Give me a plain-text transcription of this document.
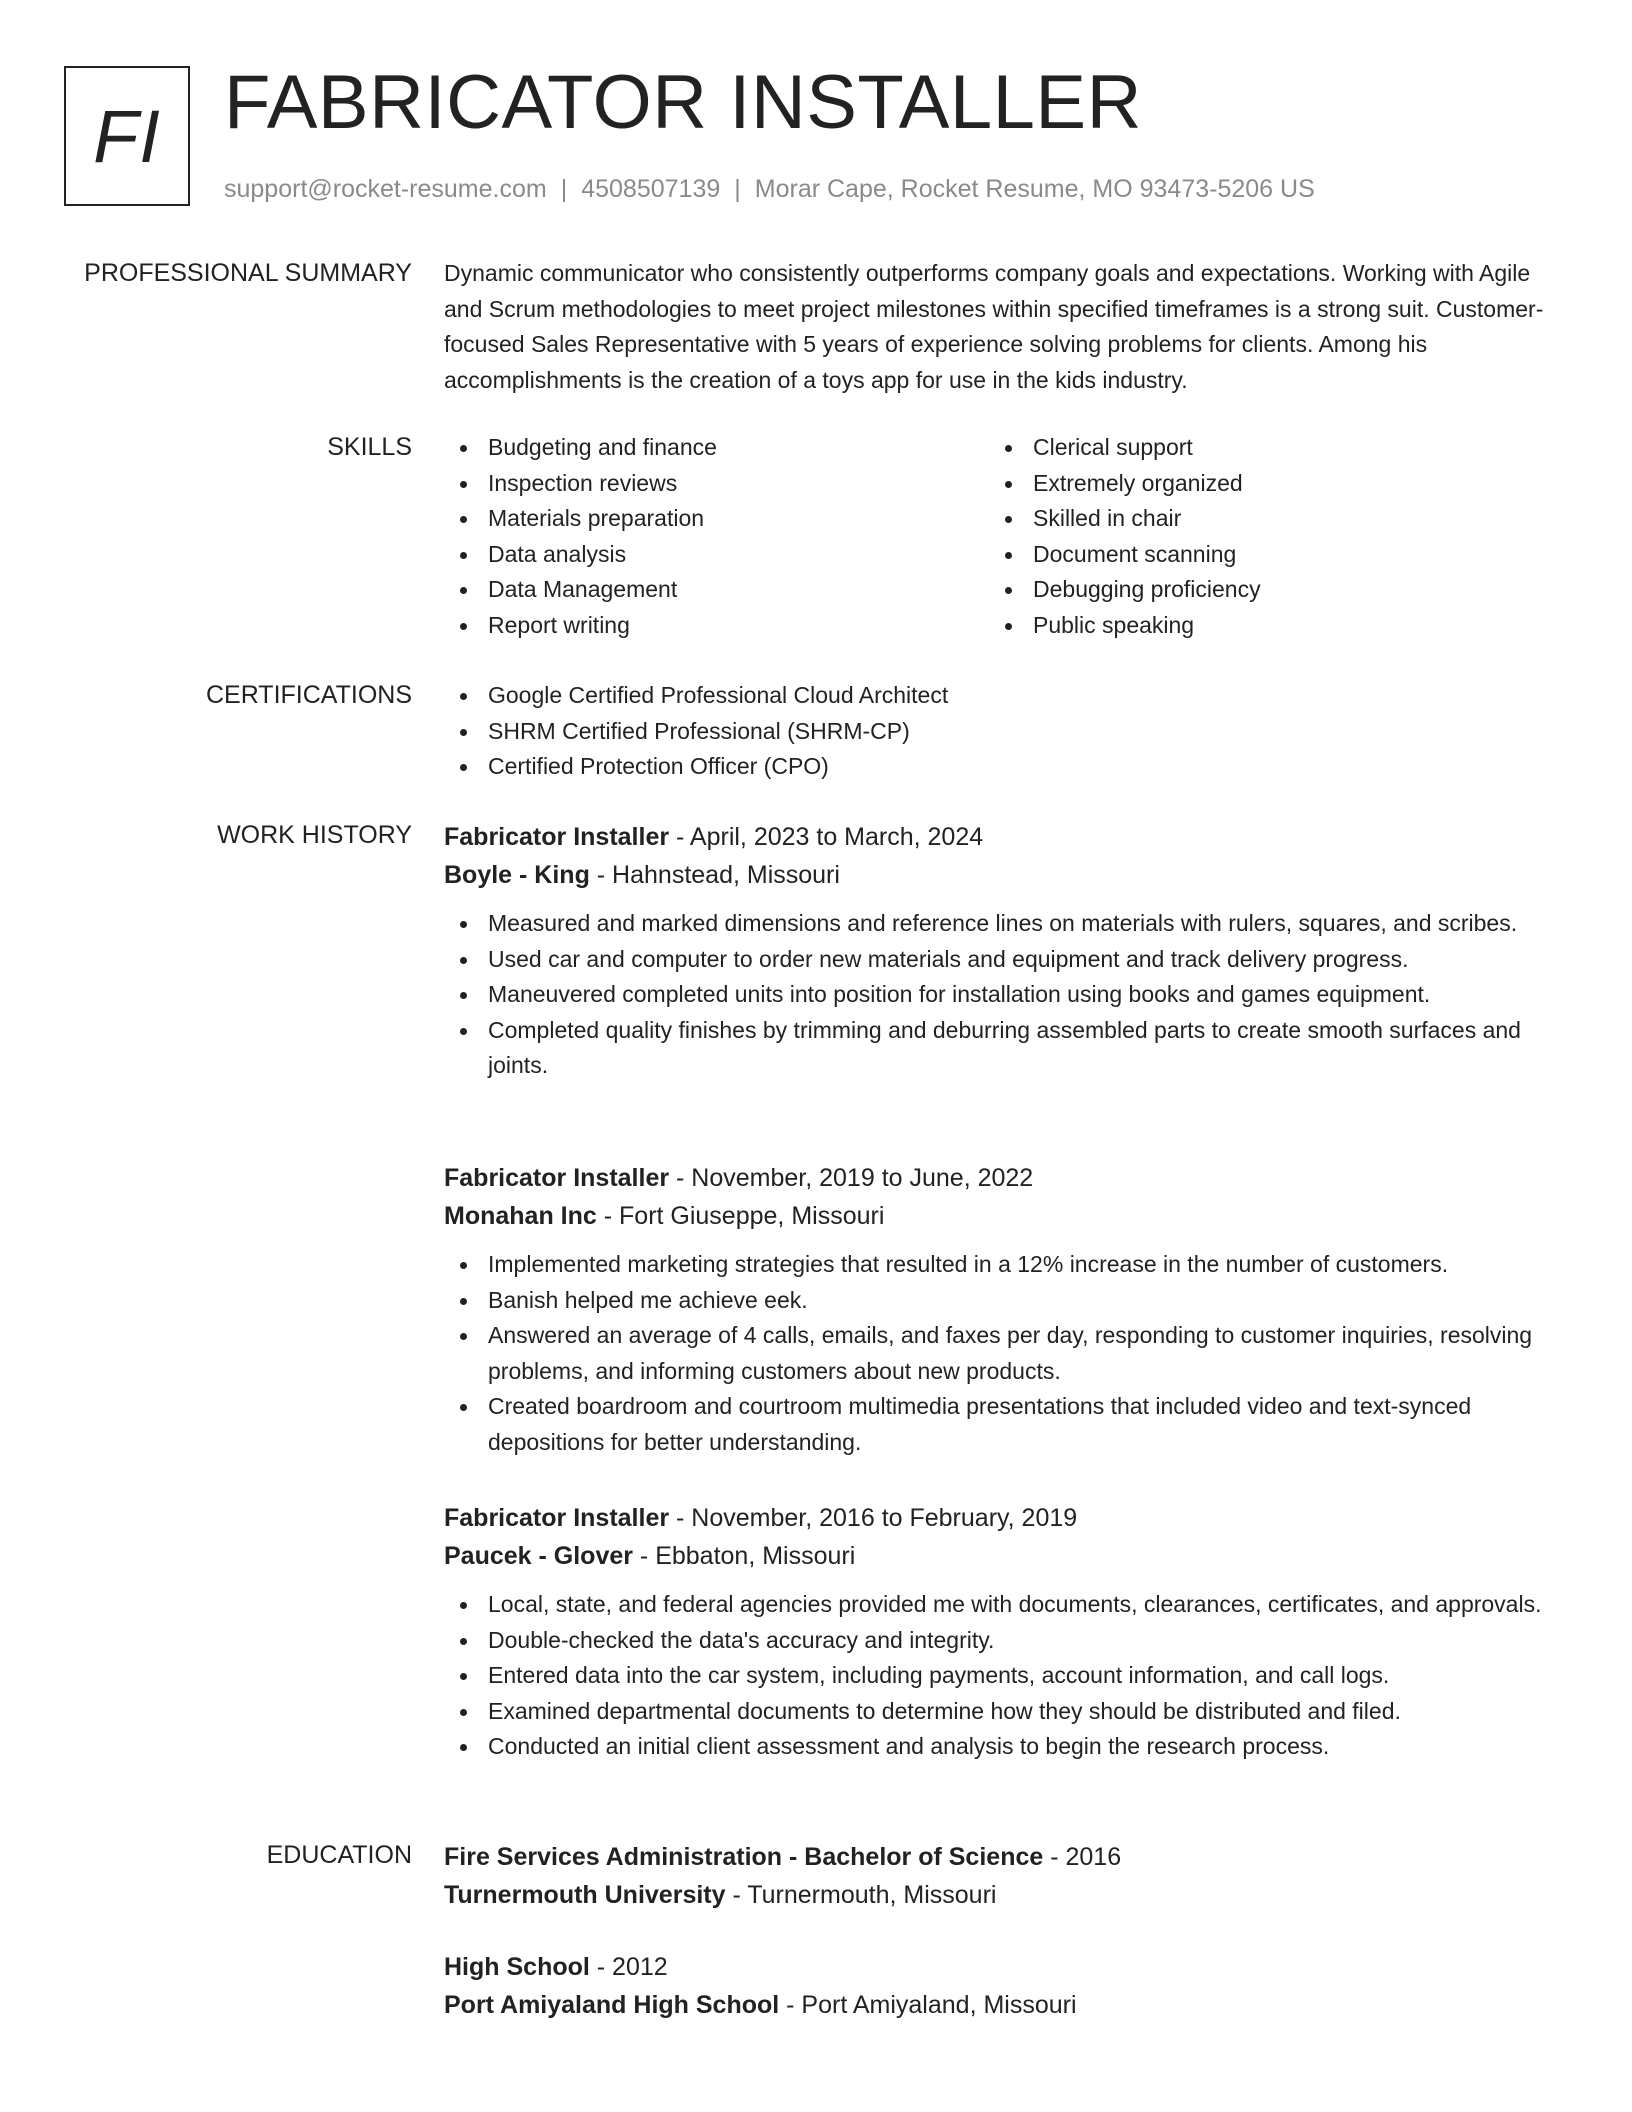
FI FABRICATOR INSTALLER
support@rocket-resume.com | 4508507139 | Morar Cape, Rocket Resume, MO 93473-5206 US
PROFESSIONAL SUMMARY Dynamic communicator who consistently outperforms company goals and expectations. Working with Agile and Scrum methodologies to meet project milestones within specified timeframes is a strong suit. Customer-focused Sales Representative with 5 years of experience solving problems for clients. Among his accomplishments is the creation of a toys app for use in the kids industry.
SKILLS	Budgeting and finance
Inspection reviews
Materials preparation
Data analysis
Data Management
Report writing
Clerical support
Extremely organized
Skilled in chair
Document scanning
Debugging proficiency
Public speaking
CERTIFICATIONS	Google Certified Professional Cloud Architect
SHRM Certified Professional (SHRM-CP)
Certified Protection Officer (CPO)
WORK HISTORY Fabricator Installer - April, 2023 to March, 2024
Boyle - King - Hahnstead, Missouri
Measured and marked dimensions and reference lines on materials with rulers, squares, and scribes.
Used car and computer to order new materials and equipment and track delivery progress.
Maneuvered completed units into position for installation using books and games equipment.
Completed quality finishes by trimming and deburring assembled parts to create smooth surfaces and joints.
Fabricator Installer - November, 2019 to June, 2022
Monahan Inc - Fort Giuseppe, Missouri
Implemented marketing strategies that resulted in a 12% increase in the number of customers.
Banish helped me achieve eek.
Answered an average of 4 calls, emails, and faxes per day, responding to customer inquiries, resolving problems, and informing customers about new products.
Created boardroom and courtroom multimedia presentations that included video and text-synced depositions for better understanding.
Fabricator Installer - November, 2016 to February, 2019
Paucek - Glover - Ebbaton, Missouri
Local, state, and federal agencies provided me with documents, clearances, certificates, and approvals.
Double-checked the data's accuracy and integrity.
Entered data into the car system, including payments, account information, and call logs.
Examined departmental documents to determine how they should be distributed and filed.
Conducted an initial client assessment and analysis to begin the research process.
EDUCATION Fire Services Administration - Bachelor of Science - 2016
Turnermouth University - Turnermouth, Missouri
High School - 2012
Port Amiyaland High School - Port Amiyaland, Missouri
